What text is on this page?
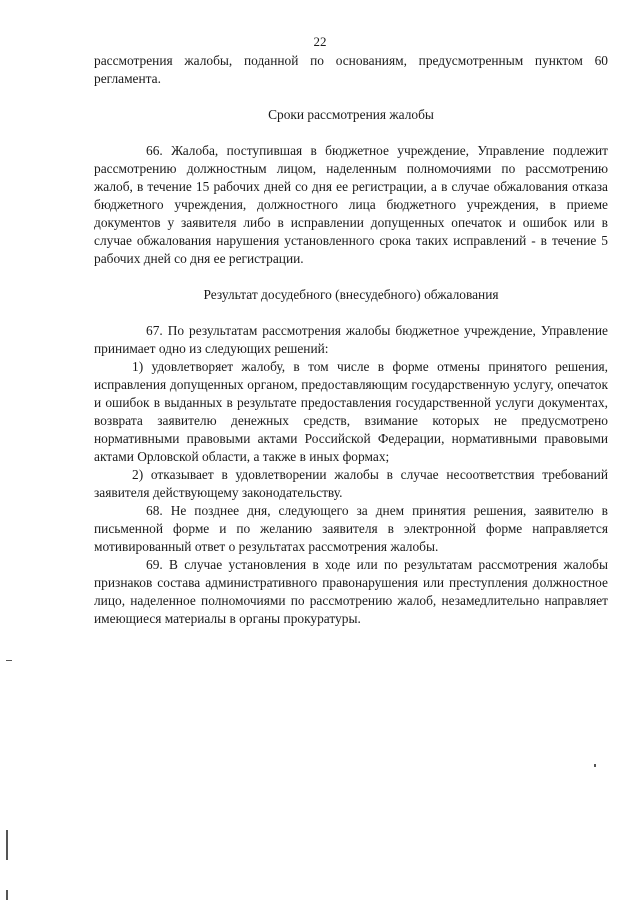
22

рассмотрения жалобы, поданной по основаниям, предусмотренным пунктом 60 регламента.

Сроки рассмотрения жалобы

66. Жалоба, поступившая в бюджетное учреждение, Управление подлежит рассмотрению должностным лицом, наделенным полномочиями по рассмотрению жалоб, в течение 15 рабочих дней со дня ее регистрации, а в случае обжалования отказа бюджетного учреждения, должностного лица бюджетного учреждения, в приеме документов у заявителя либо в исправлении допущенных опечаток и ошибок или в случае обжалования нарушения установленного срока таких исправлений - в течение 5 рабочих дней со дня ее регистрации.

Результат досудебного (внесудебного) обжалования

67. По результатам рассмотрения жалобы бюджетное учреждение, Управление принимает одно из следующих решений:

1) удовлетворяет жалобу, в том числе в форме отмены принятого решения, исправления допущенных органом, предоставляющим государственную услугу, опечаток и ошибок в выданных в результате предоставления государственной услуги документах, возврата заявителю денежных средств, взимание которых не предусмотрено нормативными правовыми актами Российской Федерации, нормативными правовыми актами Орловской области, а также в иных формах;

2) отказывает в удовлетворении жалобы в случае несоответствия требований заявителя действующему законодательству.

68. Не позднее дня, следующего за днем принятия решения, заявителю в письменной форме и по желанию заявителя в электронной форме направляется мотивированный ответ о результатах рассмотрения жалобы.

69. В случае установления в ходе или по результатам рассмотрения жалобы признаков состава административного правонарушения или преступления должностное лицо, наделенное полномочиями по рассмотрению жалоб, незамедлительно направляет имеющиеся материалы в органы прокуратуры.
